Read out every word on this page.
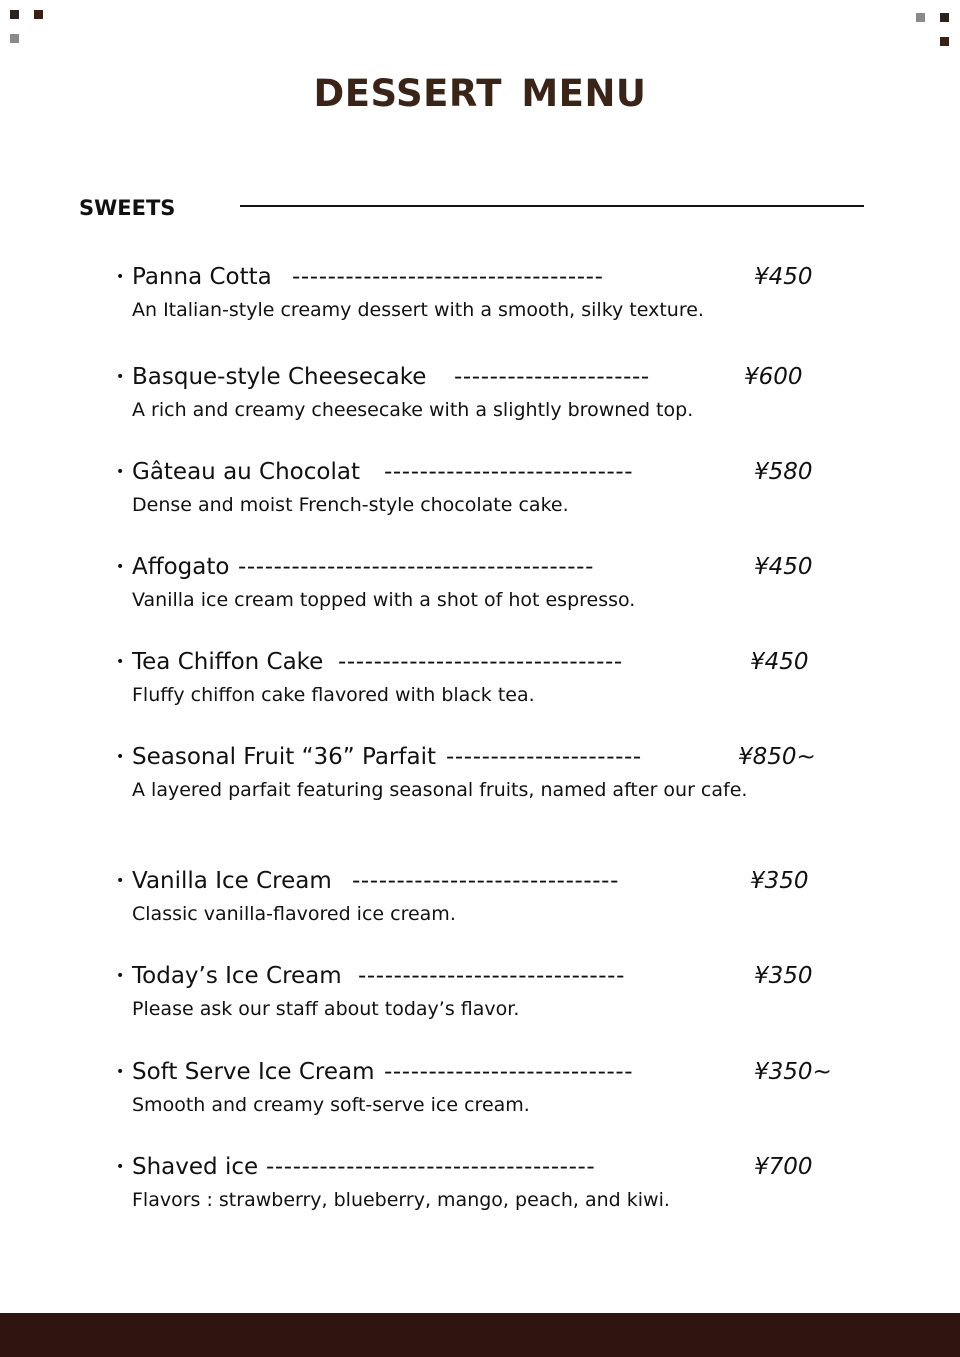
DESSERT MENU
SWEETS
• Panna Cotta -----------------------------------	¥450
An Italian-style creamy dessert with a smooth, silky texture.
• Basque-style Cheesecake ----------------------	¥600
A rich and creamy cheesecake with a slightly browned top.
• Gâteau au Chocolat ----------------------------	¥580
Dense and moist French-style chocolate cake.
• Affogato ----------------------------------------	¥450
Vanilla ice cream topped with a shot of hot espresso.
• Tea Chiffon Cake --------------------------------	¥450
Fluffy chiffon cake flavored with black tea.
• Seasonal Fruit “36” Parfait ----------------------	¥850~
A layered parfait featuring seasonal fruits, named after our cafe.
• Vanilla Ice Cream ------------------------------	¥350
Classic vanilla-flavored ice cream.
• Today’s Ice Cream ------------------------------	¥350
Please ask our staff about today’s flavor.
• Soft Serve Ice Cream ----------------------------	¥350~
Smooth and creamy soft-serve ice cream.
• Shaved ice -------------------------------------	¥700
Flavors : strawberry, blueberry, mango, peach, and kiwi.
